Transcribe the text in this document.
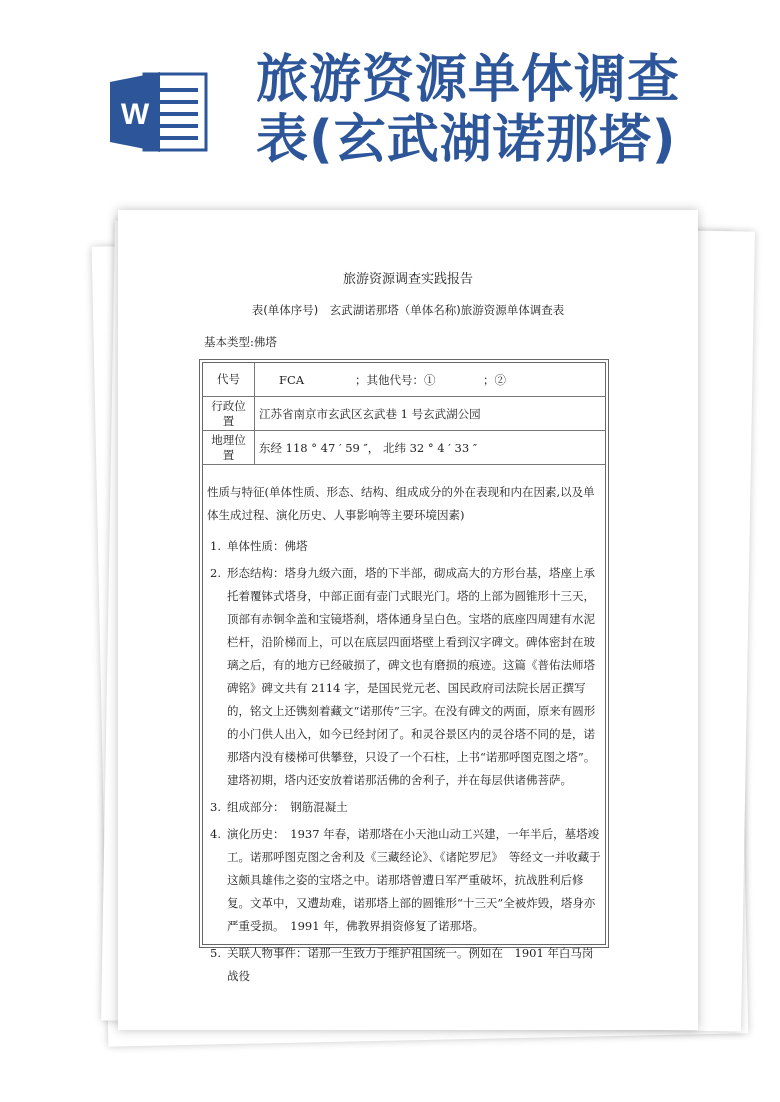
W
旅游资源单体调查
表(玄武湖诺那塔)
旅游资源调查实践报告
表(单体序号)　玄武湖诺那塔（单体名称)旅游资源单体调查表
基本类型:佛塔
代号	FCA	；其他代号：①	；②
行政位置	江苏省南京市玄武区玄武巷 1 号玄武湖公园
地理位置	东经 118 ° 47 ′ 59 ″， 北纬 32 ° 4 ′ 33 ″
性质与特征(单体性质、形态、结构、组成成分的外在表现和内在因素,以及单体生成过程、演化历史、人事影响等主要环境因素)
1. 单体性质：佛塔
2. 形态结构：塔身九级六面，塔的下半部，砌成高大的方形台基，塔座上承托着覆钵式塔身，中部正面有壶门式眼光门。塔的上部为圆锥形十三天，顶部有赤铜伞盖和宝镜塔刹，塔体通身呈白色。宝塔的底座四周建有水泥栏杆，沿阶梯而上，可以在底层四面塔壁上看到汉字碑文。碑体密封在玻璃之后，有的地方已经破损了，碑文也有磨损的痕迹。这篇《普佑法师塔碑铭》碑文共有 2114 字，是国民党元老、国民政府司法院长居正撰写的，铭文上还镌刻着藏文“诺那传”三字。在没有碑文的两面，原来有圆形的小门供人出入，如今已经封闭了。和灵谷景区内的灵谷塔不同的是，诺那塔内没有楼梯可供攀登，只设了一个石柱，上书“诺那呼图克图之塔”。建塔初期，塔内还安放着诺那活佛的舍利子，并在每层供诸佛菩萨。
3. 组成部分：　钢筋混凝土
4. 演化历史：　1937 年春，诺那塔在小天池山动工兴建，一年半后，墓塔竣工。诺那呼图克图之舍利及《三藏经论》、《诸陀罗尼》　等经文一并收藏于这颇具雄伟之姿的宝塔之中。诺那塔曾遭日军严重破坏，抗战胜利后修复。文革中，又遭劫难，诺那塔上部的圆锥形“十三天”全被炸毁，塔身亦严重受损。　1991 年，佛教界捐资修复了诺那塔。
5. 关联人物事件：诺那一生致力于维护祖国统一。例如在　1901 年白马岗战役
